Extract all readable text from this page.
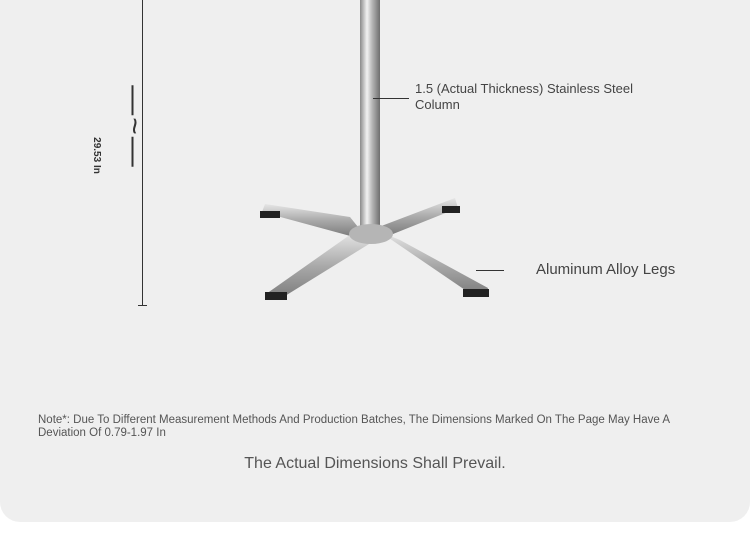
—~—
29.53 In
1.5 (Actual Thickness) Stainless Steel Column
Aluminum Alloy Legs
Note*: Due To Different Measurement Methods And Production Batches, The Dimensions Marked On The Page May Have A Deviation Of 0.79-1.97 In
The Actual Dimensions Shall Prevail.
